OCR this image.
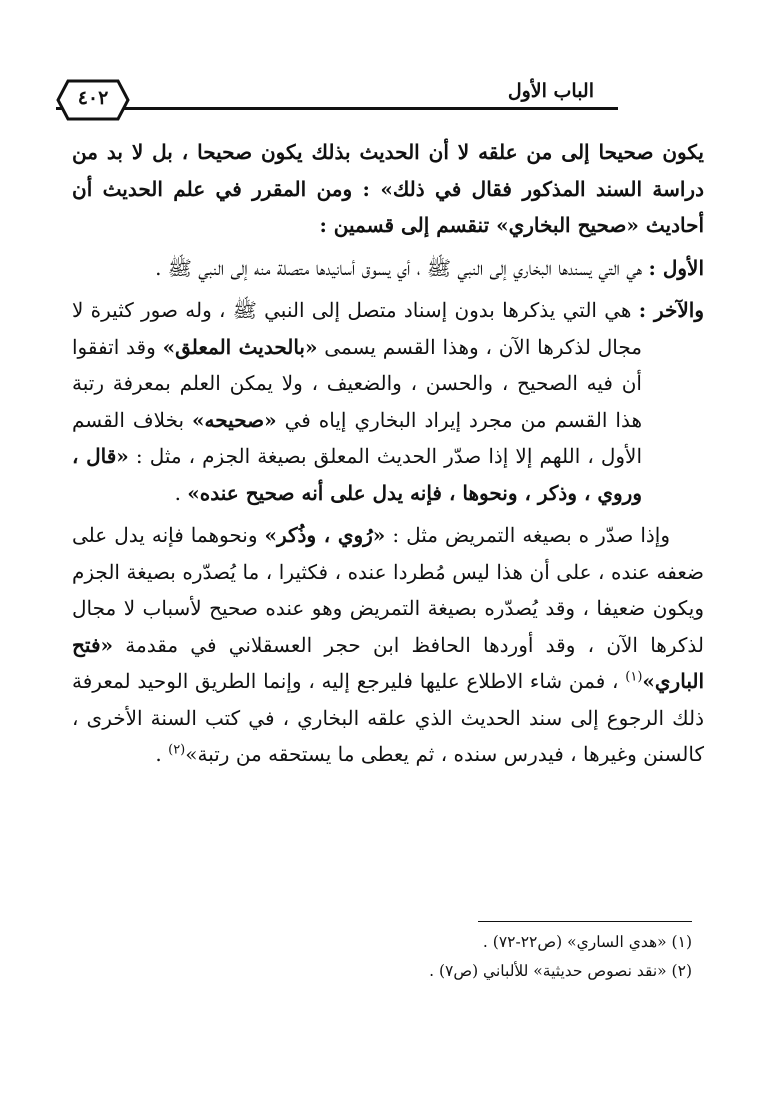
الباب الأول
٤٠٢

يكون صحيحا إلى من علقه لا أن الحديث بذلك يكون صحيحا ، بل لا بد من دراسة السند المذكور فقال في ذلك» : ومن المقرر في علم الحديث أن أحاديث «صحيح البخاري» تنقسم إلى قسمين :

الأول : هي التي يسندها البخاري إلى النبي ﷺ ، أي يسوق أسانيدها متصلة منه إلى النبي ﷺ .

والآخر : هي التي يذكرها بدون إسناد متصل إلى النبي ﷺ ، وله صور كثيرة لا مجال لذكرها الآن ، وهذا القسم يسمى «بالحديث المعلق» وقد اتفقوا أن فيه الصحيح ، والحسن ، والضعيف ، ولا يمكن العلم بمعرفة رتبة هذا القسم من مجرد إيراد البخاري إياه في «صحيحه» بخلاف القسم الأول ، اللهم إلا إذا صدّر الحديث المعلق بصيغة الجزم ، مثل : «قال ، وروي ، وذكر ، ونحوها ، فإنه يدل على أنه صحيح عنده» .

وإذا صدّر ه بصيغه التمريض مثل : «رُوي ، وذُكر» ونحوهما فإنه يدل على ضعفه عنده ، على أن هذا ليس مُطردا عنده ، فكثيرا ، ما يُصدّره بصيغة الجزم ويكون ضعيفا ، وقد يُصدّره بصيغة التمريض وهو عنده صحيح لأسباب لا مجال لذكرها الآن ، وقد أوردها الحافظ ابن حجر العسقلاني في مقدمة «فتح الباري»$^{(١)}$ ، فمن شاء الاطلاع عليها فليرجع إليه ، وإنما الطريق الوحيد لمعرفة ذلك الرجوع إلى سند الحديث الذي علقه البخاري ، في كتب السنة الأخرى ، كالسنن وغيرها ، فيدرس سنده ، ثم يعطى ما يستحقه من رتبة»$^{(٢)}$ .

(١) «هدي الساري» (ص٢٢-٧٢) .
(٢) «نقد نصوص حديثية» للألباني (ص٧) .
